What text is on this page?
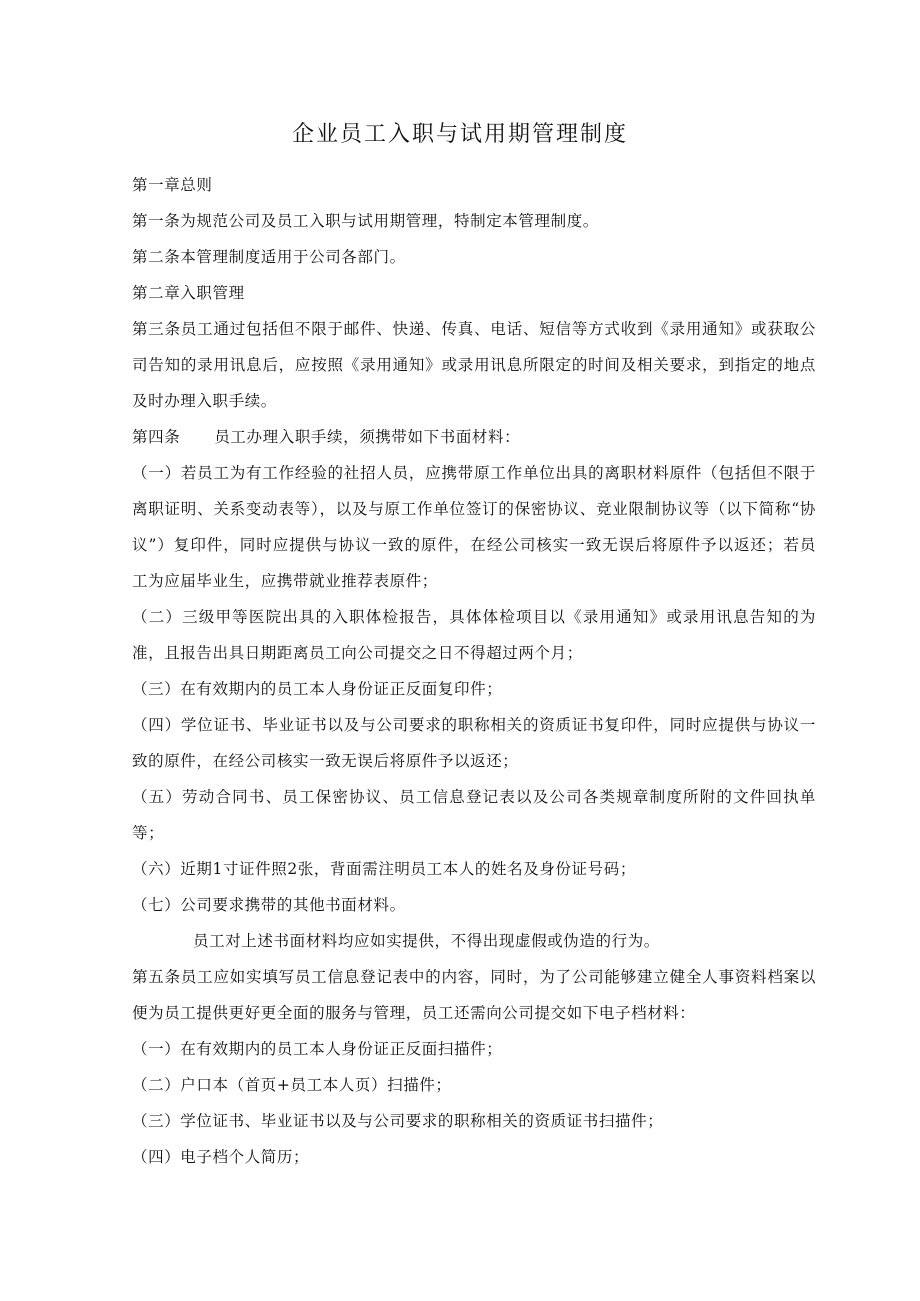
企业员工入职与试用期管理制度

第一章总则

第一条为规范公司及员工入职与试用期管理，特制定本管理制度。

第二条本管理制度适用于公司各部门。

第二章入职管理

第三条员工通过包括但不限于邮件、快递、传真、电话、短信等方式收到《录用通知》或获取公司告知的录用讯息后，应按照《录用通知》或录用讯息所限定的时间及相关要求，到指定的地点及时办理入职手续。

第四条 员工办理入职手续，须携带如下书面材料：

（一）若员工为有工作经验的社招人员，应携带原工作单位出具的离职材料原件（包括但不限于离职证明、关系变动表等），以及与原工作单位签订的保密协议、竞业限制协议等（以下简称“协议”）复印件，同时应提供与协议一致的原件，在经公司核实一致无误后将原件予以返还；若员工为应届毕业生，应携带就业推荐表原件；

（二）三级甲等医院出具的入职体检报告，具体体检项目以《录用通知》或录用讯息告知的为准，且报告出具日期距离员工向公司提交之日不得超过两个月；

（三）在有效期内的员工本人身份证正反面复印件；

（四）学位证书、毕业证书以及与公司要求的职称相关的资质证书复印件，同时应提供与协议一致的原件，在经公司核实一致无误后将原件予以返还；

（五）劳动合同书、员工保密协议、员工信息登记表以及公司各类规章制度所附的文件回执单等；

（六）近期1寸证件照2张，背面需注明员工本人的姓名及身份证号码；

（七）公司要求携带的其他书面材料。

员工对上述书面材料均应如实提供，不得出现虚假或伪造的行为。

第五条员工应如实填写员工信息登记表中的内容，同时，为了公司能够建立健全人事资料档案以便为员工提供更好更全面的服务与管理，员工还需向公司提交如下电子档材料：

（一）在有效期内的员工本人身份证正反面扫描件；

（二）户口本（首页+员工本人页）扫描件；

（三）学位证书、毕业证书以及与公司要求的职称相关的资质证书扫描件；

（四）电子档个人简历；
